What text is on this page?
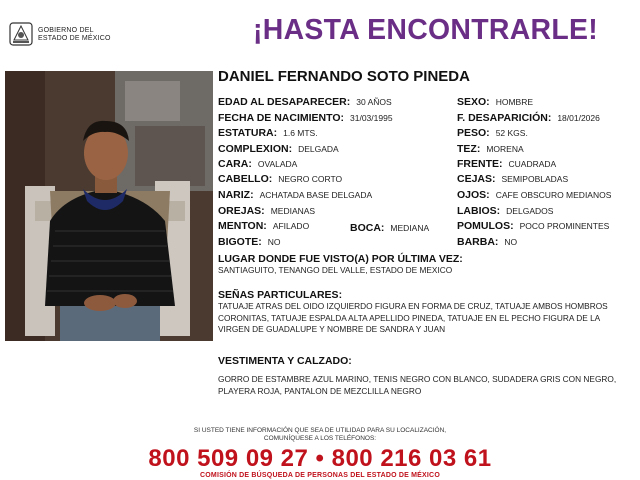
GOBIERNO DEL
ESTADO DE MÉXICO	¡HASTA ENCONTRARLE!
DANIEL FERNANDO SOTO PINEDA
EDAD AL DESAPARECER: 30 AÑOS	SEXO: HOMBRE
FECHA DE NACIMIENTO: 31/03/1995	F. DESAPARICIÓN: 18/01/2026
ESTATURA: 1.6 MTS.	PESO: 52 KGS.
COMPLEXION: DELGADA	TEZ: MORENA
CARA: OVALADA	FRENTE: CUADRADA
CABELLO: NEGRO CORTO	CEJAS: SEMIPOBLADAS
NARIZ: ACHATADA BASE DELGADA	OJOS: CAFE OBSCURO MEDIANOS
OREJAS: MEDIANAS	LABIOS: DELGADOS
MENTON: AFILADO	BOCA: MEDIANA	POMULOS: POCO PROMINENTES
BIGOTE: NO	BARBA: NO
LUGAR DONDE FUE VISTO(A) POR ÚLTIMA VEZ:
SANTIAGUITO, TENANGO DEL VALLE, ESTADO DE MEXICO
SEÑAS PARTICULARES:
TATUAJE ATRAS DEL OIDO IZQUIERDO FIGURA EN FORMA DE CRUZ, TATUAJE AMBOS HOMBROS CORONITAS, TATUAJE ESPALDA ALTA APELLIDO PINEDA, TATUAJE EN EL PECHO FIGURA DE LA VIRGEN DE GUADALUPE Y NOMBRE DE SANDRA Y JUAN
VESTIMENTA Y CALZADO:
GORRO DE ESTAMBRE AZUL MARINO, TENIS NEGRO CON BLANCO, SUDADERA GRIS CON NEGRO, PLAYERA ROJA, PANTALON DE MEZCLILLA NEGRO
SI USTED TIENE INFORMACIÓN QUE SEA DE UTILIDAD PARA SU LOCALIZACIÓN,
COMUNÍQUESE A LOS TELÉFONOS:
800 509 09 27 • 800 216 03 61
COMISIÓN DE BÚSQUEDA DE PERSONAS DEL ESTADO DE MÉXICO
